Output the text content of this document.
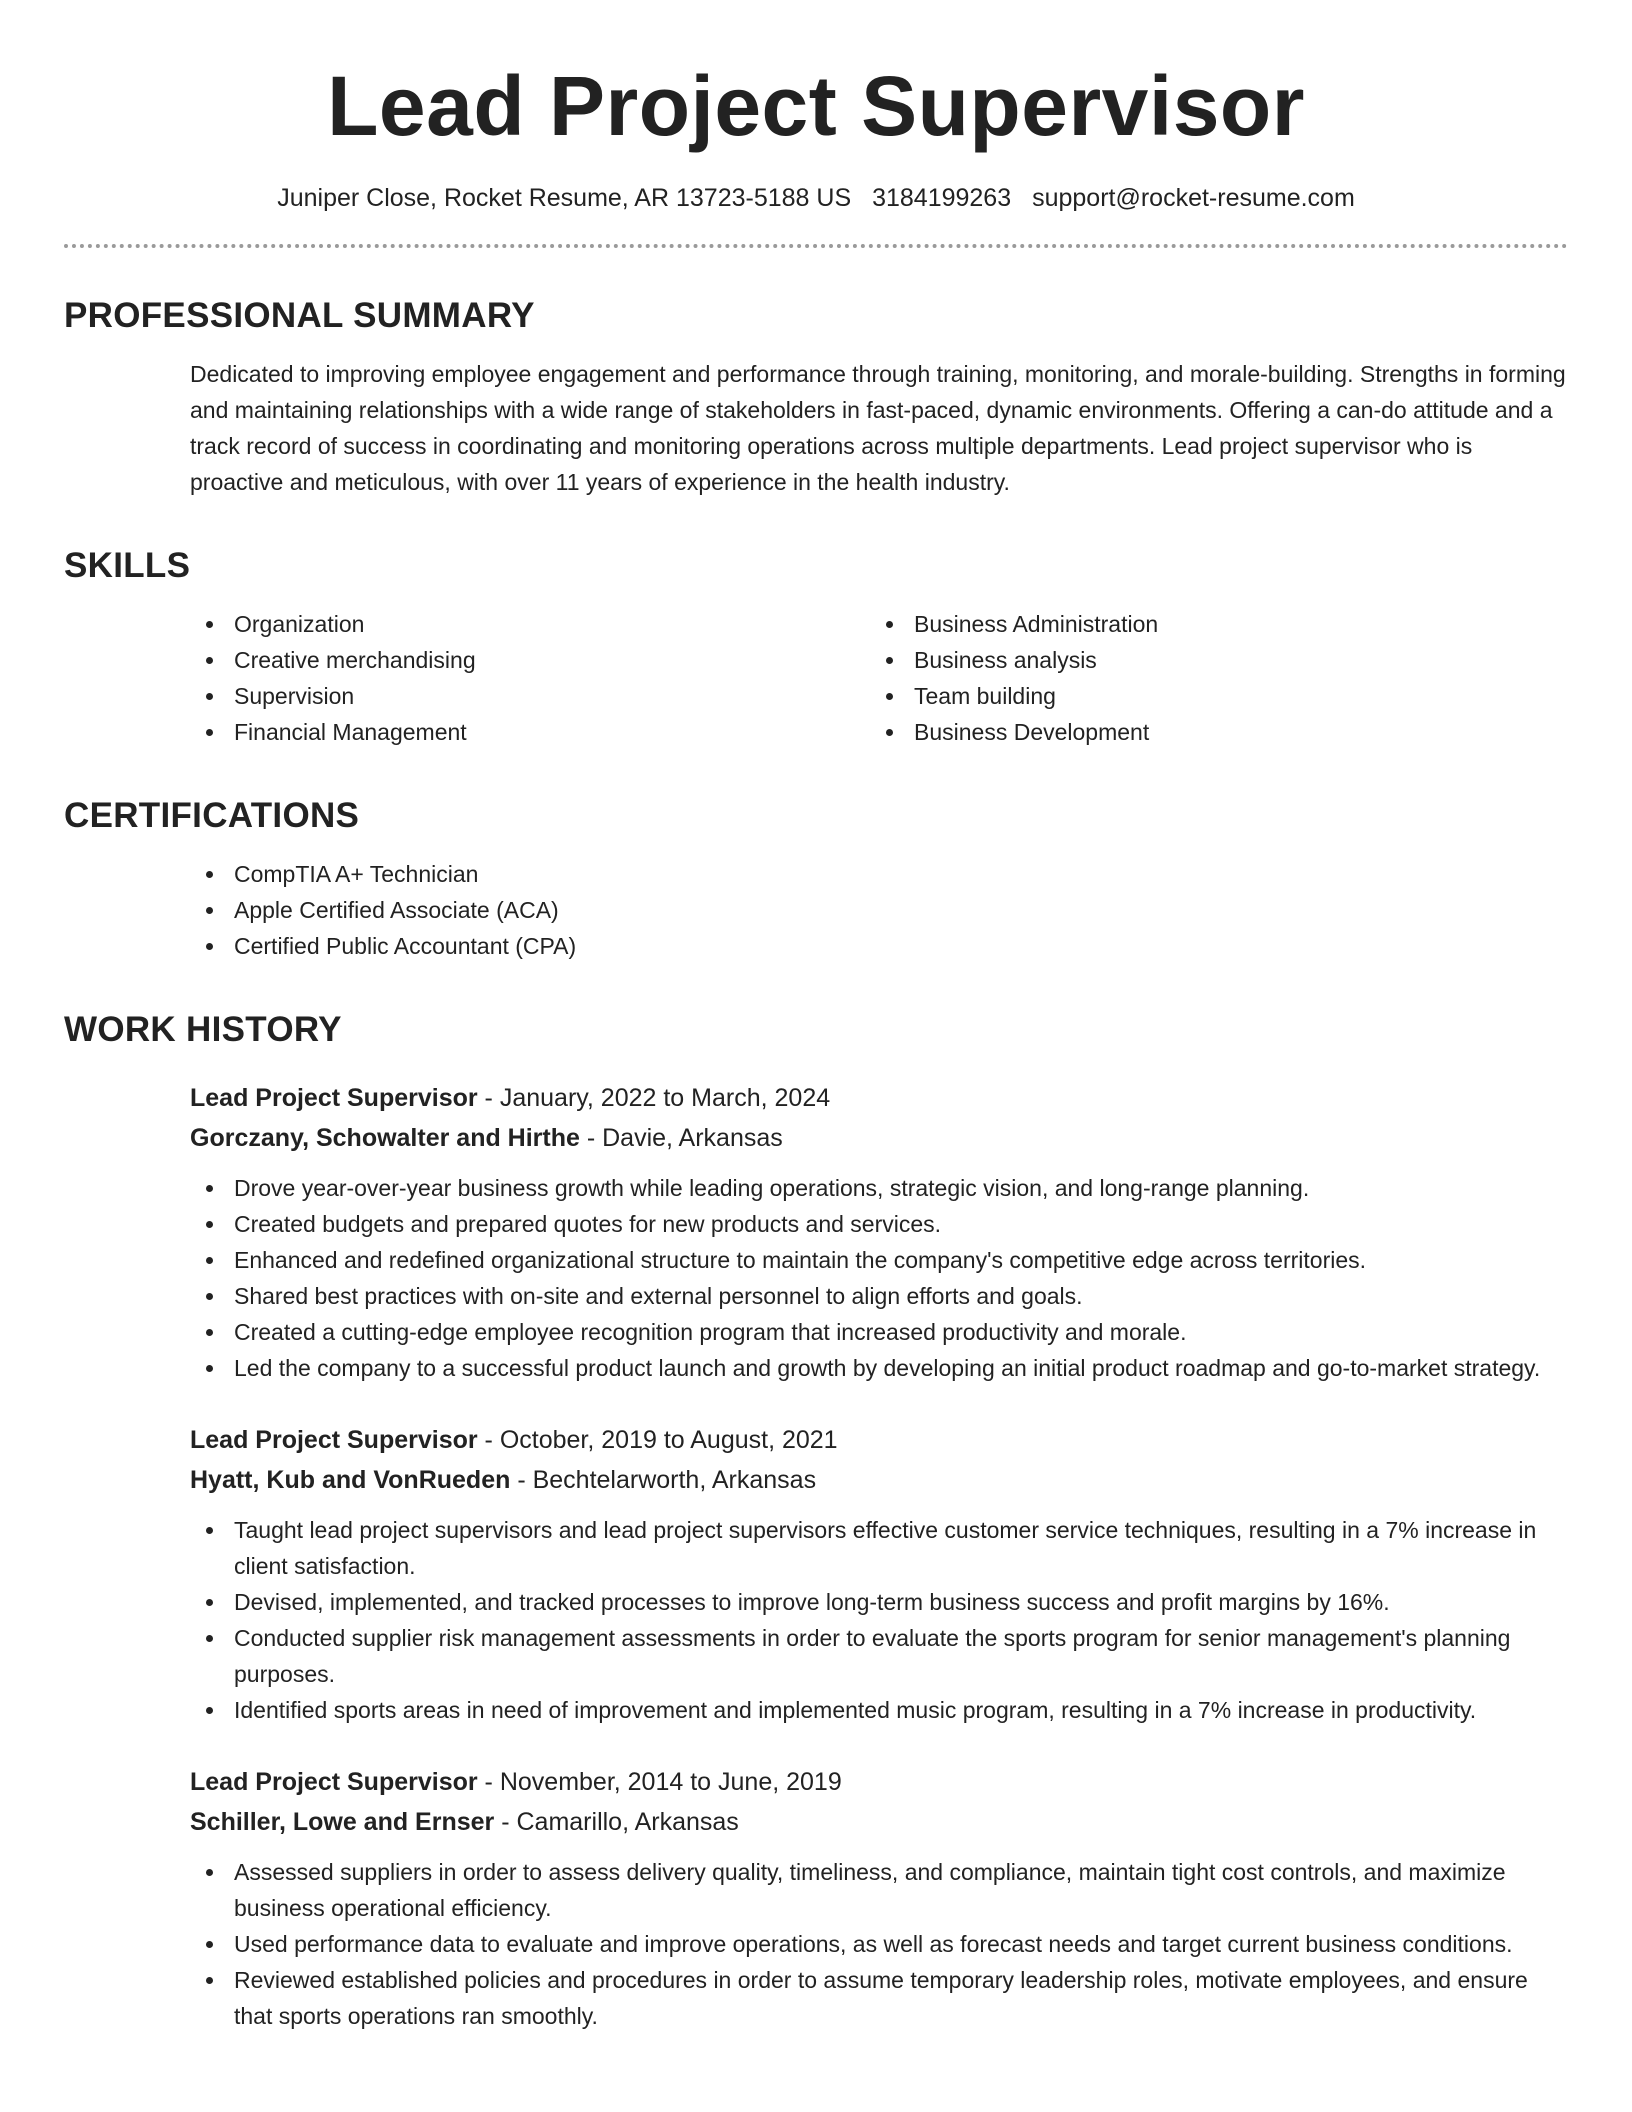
Lead Project Supervisor
Juniper Close, Rocket Resume, AR 13723-5188 US 3184199263 support@rocket-resume.com
PROFESSIONAL SUMMARY
Dedicated to improving employee engagement and performance through training, monitoring, and morale-building. Strengths in forming and maintaining relationships with a wide range of stakeholders in fast-paced, dynamic environments. Offering a can-do attitude and a track record of success in coordinating and monitoring operations across multiple departments. Lead project supervisor who is proactive and meticulous, with over 11 years of experience in the health industry.
SKILLS
Organization
Creative merchandising
Supervision
Financial Management
Business Administration
Business analysis
Team building
Business Development
CERTIFICATIONS
CompTIA A+ Technician
Apple Certified Associate (ACA)
Certified Public Accountant (CPA)
WORK HISTORY
Lead Project Supervisor - January, 2022 to March, 2024
Gorczany, Schowalter and Hirthe - Davie, Arkansas
Drove year-over-year business growth while leading operations, strategic vision, and long-range planning.
Created budgets and prepared quotes for new products and services.
Enhanced and redefined organizational structure to maintain the company's competitive edge across territories.
Shared best practices with on-site and external personnel to align efforts and goals.
Created a cutting-edge employee recognition program that increased productivity and morale.
Led the company to a successful product launch and growth by developing an initial product roadmap and go-to-market strategy.
Lead Project Supervisor - October, 2019 to August, 2021
Hyatt, Kub and VonRueden - Bechtelarworth, Arkansas
Taught lead project supervisors and lead project supervisors effective customer service techniques, resulting in a 7% increase in client satisfaction.
Devised, implemented, and tracked processes to improve long-term business success and profit margins by 16%.
Conducted supplier risk management assessments in order to evaluate the sports program for senior management's planning purposes.
Identified sports areas in need of improvement and implemented music program, resulting in a 7% increase in productivity.
Lead Project Supervisor - November, 2014 to June, 2019
Schiller, Lowe and Ernser - Camarillo, Arkansas
Assessed suppliers in order to assess delivery quality, timeliness, and compliance, maintain tight cost controls, and maximize business operational efficiency.
Used performance data to evaluate and improve operations, as well as forecast needs and target current business conditions.
Reviewed established policies and procedures in order to assume temporary leadership roles, motivate employees, and ensure that sports operations ran smoothly.
